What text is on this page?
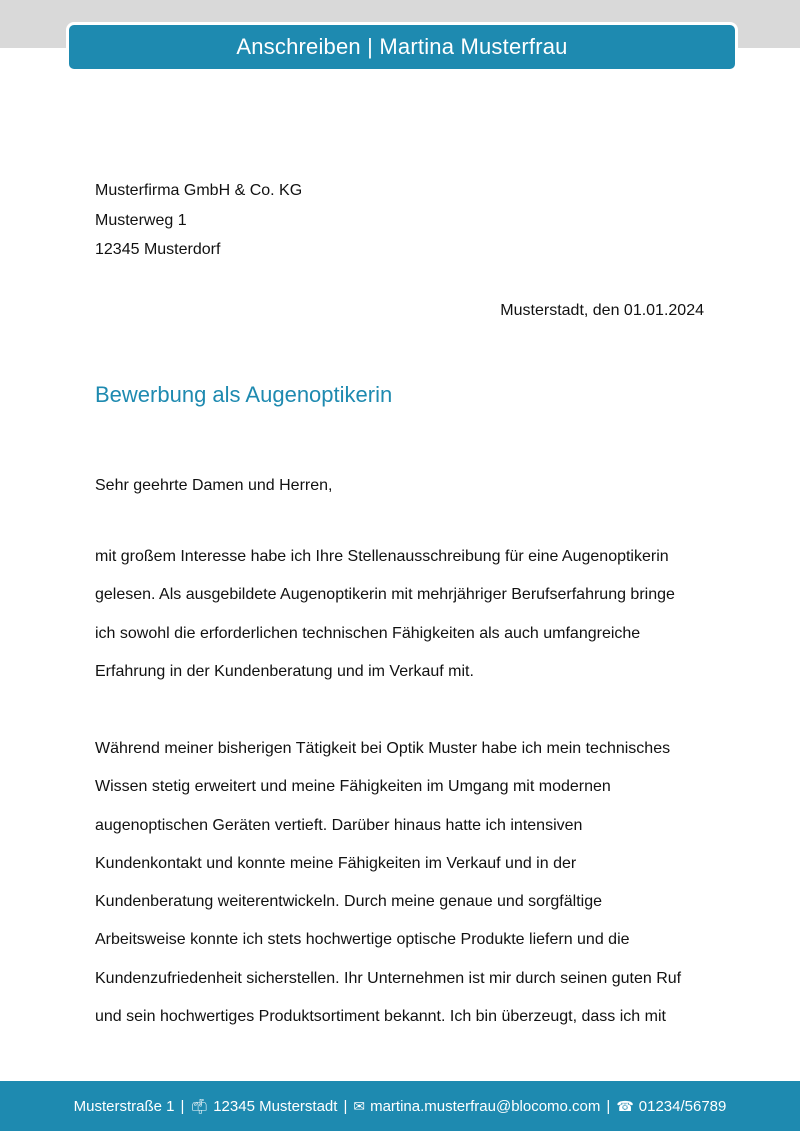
Anschreiben | Martina Musterfrau
Musterfirma GmbH & Co. KG
Musterweg 1
12345 Musterdorf
Musterstadt, den 01.01.2024
Bewerbung als Augenoptikerin
Sehr geehrte Damen und Herren,
mit großem Interesse habe ich Ihre Stellenausschreibung für eine Augenoptikerin
gelesen. Als ausgebildete Augenoptikerin mit mehrjähriger Berufserfahrung bringe
ich sowohl die erforderlichen technischen Fähigkeiten als auch umfangreiche
Erfahrung in der Kundenberatung und im Verkauf mit.
Während meiner bisherigen Tätigkeit bei Optik Muster habe ich mein technisches
Wissen stetig erweitert und meine Fähigkeiten im Umgang mit modernen
augenoptischen Geräten vertieft. Darüber hinaus hatte ich intensiven
Kundenkontakt und konnte meine Fähigkeiten im Verkauf und in der
Kundenberatung weiterentwickeln. Durch meine genaue und sorgfältige
Arbeitsweise konnte ich stets hochwertige optische Produkte liefern und die
Kundenzufriedenheit sicherstellen. Ihr Unternehmen ist mir durch seinen guten Ruf
und sein hochwertiges Produktsortiment bekannt. Ich bin überzeugt, dass ich mit
Musterstraße 1 | 📫︎ 12345 Musterstadt | ✉︎ martina.musterfrau@blocomo.com | ☎︎ 01234/56789
